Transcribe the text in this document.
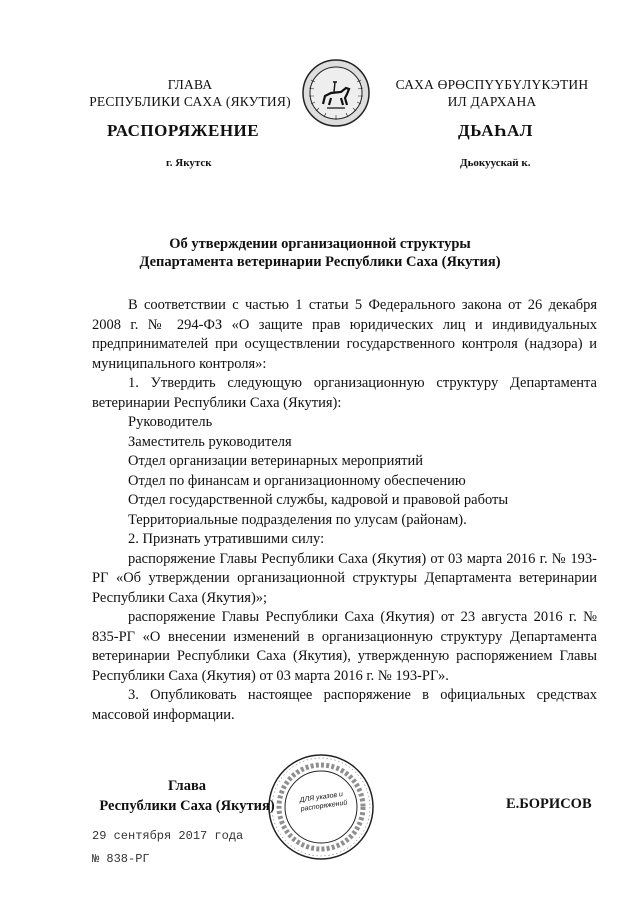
ГЛАВА
РЕСПУБЛИКИ САХА (ЯКУТИЯ)
САХА ӨРӨСПҮҮБҮЛҮКЭТИН
ИЛ ДАРХАНА
РАСПОРЯЖЕНИЕ	ДЬАҺАЛ
г. Якутск	Дьокуускай к.
Об утверждении организационной структуры
Департамента ветеринарии Республики Саха (Якутия)

В соответствии с частью 1 статьи 5 Федерального закона от 26 декабря 2008 г. № 294-ФЗ «О защите прав юридических лиц и индивидуальных предпринимателей при осуществлении государственного контроля (надзора) и муниципального контроля»:

1. Утвердить следующую организационную структуру Департамента ветеринарии Республики Саха (Якутия):

Руководитель
Заместитель руководителя
Отдел организации ветеринарных мероприятий
Отдел по финансам и организационному обеспечению
Отдел государственной службы, кадровой и правовой работы
Территориальные подразделения по улусам (районам).

2. Признать утратившими силу:

распоряжение Главы Республики Саха (Якутия) от 03 марта 2016 г. № 193-РГ «Об утверждении организационной структуры Департамента ветеринарии Республики Саха (Якутия)»;

распоряжение Главы Республики Саха (Якутия) от 23 августа 2016 г. № 835-РГ «О внесении изменений в организационную структуру Департамента ветеринарии Республики Саха (Якутия), утвержденную распоряжением Главы Республики Саха (Якутия) от 03 марта 2016 г. № 193-РГ».

3. Опубликовать настоящее распоряжение в официальных средствах массовой информации.

Глава
Республики Саха (Якутия)
ДЛЯ указов и распоряжений	Е.БОРИСОВ
29 сентября 2017 года
№ 838-РГ
